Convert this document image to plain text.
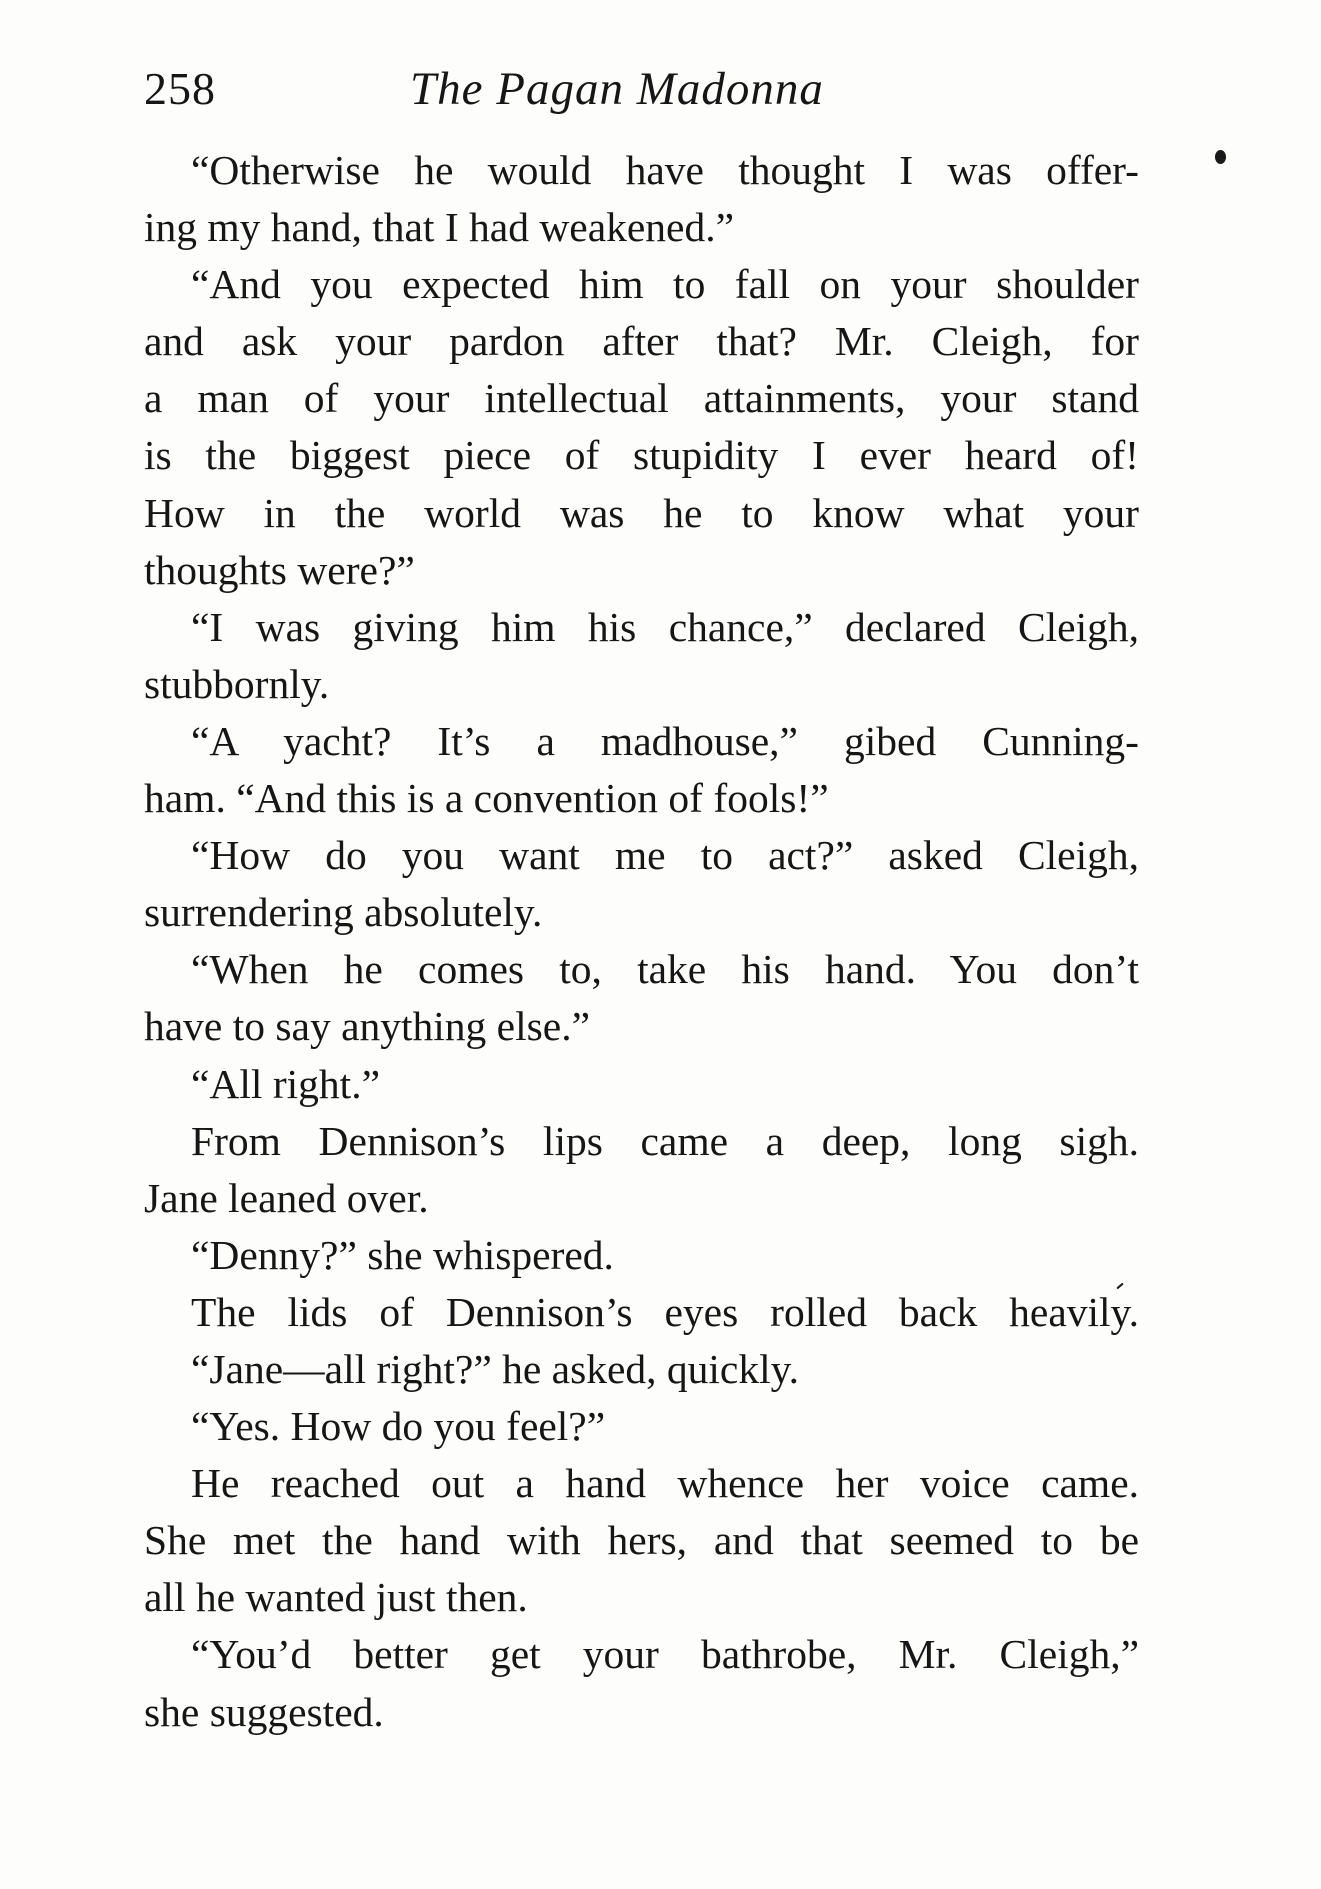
258	The Pagan Madonna
“Otherwise he would have thought I was offer-
ing my hand, that I had weakened.”
“And you expected him to fall on your shoulder
and ask your pardon after that? Mr. Cleigh, for
a man of your intellectual attainments, your stand
is the biggest piece of stupidity I ever heard of!
How in the world was he to know what your
thoughts were?”
“I was giving him his chance,” declared Cleigh,
stubbornly.
“A yacht? It’s a madhouse,” gibed Cunning-
ham. “And this is a convention of fools!”
“How do you want me to act?” asked Cleigh,
surrendering absolutely.
“When he comes to, take his hand. You don’t
have to say anything else.”
“All right.”
From Dennison’s lips came a deep, long sigh.
Jane leaned over.
“Denny?” she whispered.
The lids of Dennison’s eyes rolled back heavily.
“Jane—all right?” he asked, quickly.
“Yes. How do you feel?”
He reached out a hand whence her voice came.
She met the hand with hers, and that seemed to be
all he wanted just then.
“You’d better get your bathrobe, Mr. Cleigh,”
she suggested.
